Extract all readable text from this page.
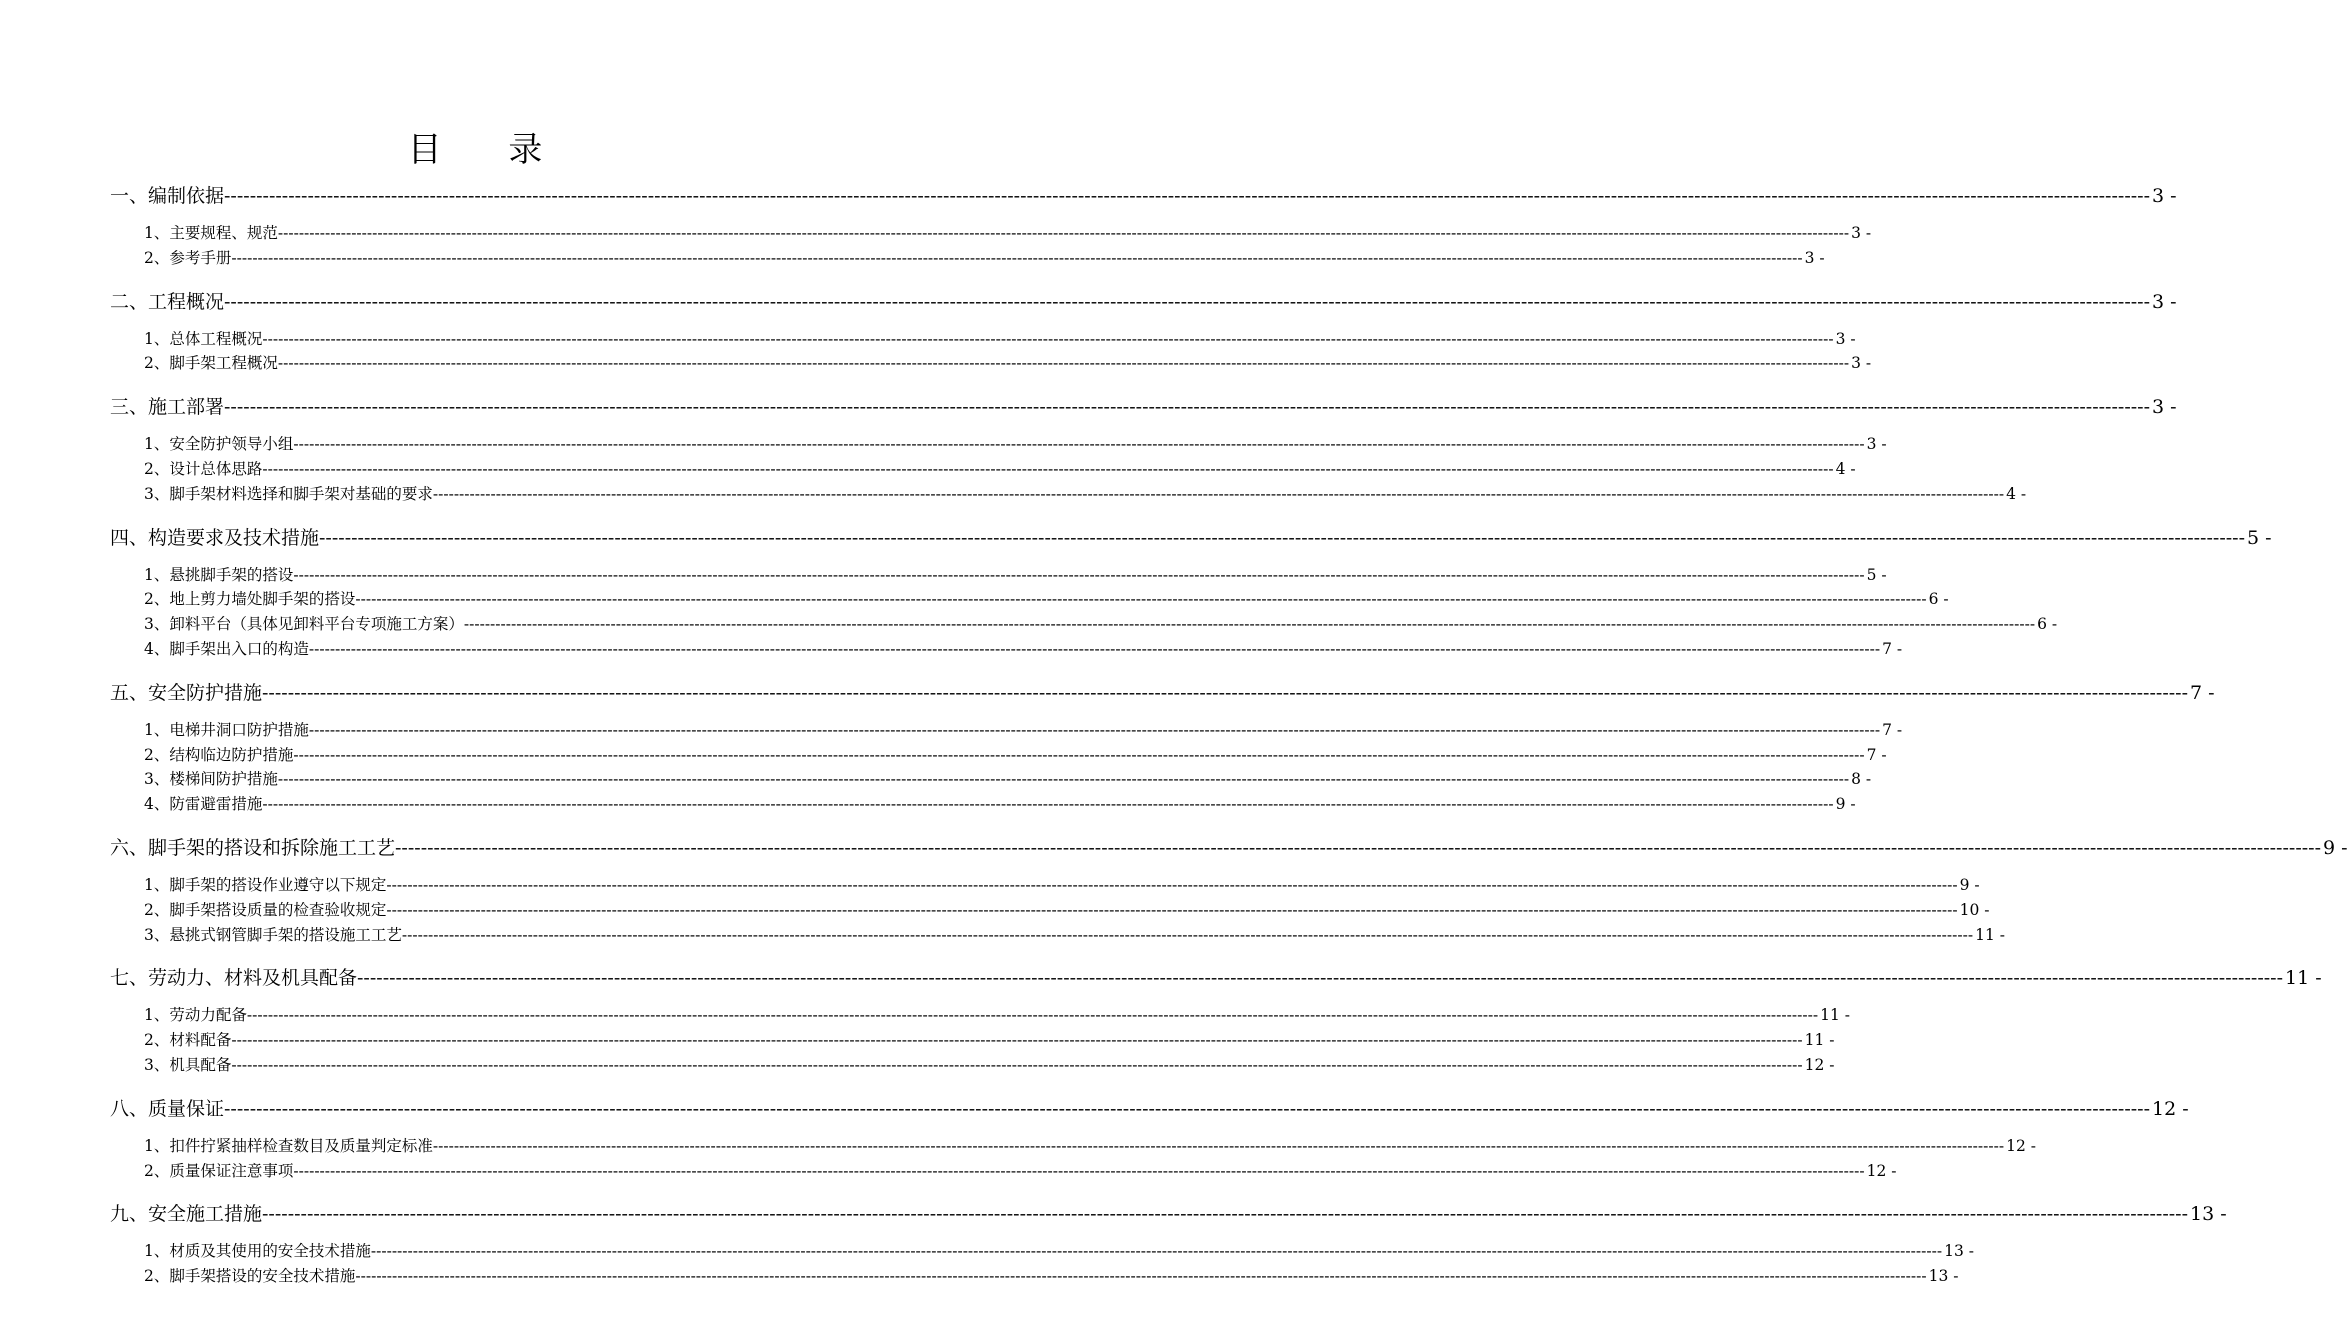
目 录
一、编制依据 ------------------------------------------------------------------------------------------------------------------------------------------------------------------------------------------------------------------------------------------------------------------------------------------------------------ 3 -
1、主要规程、规范 ------------------------------------------------------------------------------------------------------------------------------------------------------------------------------------------------------------------------------------------------------------------------------------------------------------ 3 -
2、参考手册 ------------------------------------------------------------------------------------------------------------------------------------------------------------------------------------------------------------------------------------------------------------------------------------------------------------ 3 -
二、工程概况 ------------------------------------------------------------------------------------------------------------------------------------------------------------------------------------------------------------------------------------------------------------------------------------------------------------ 3 -
1、总体工程概况 ------------------------------------------------------------------------------------------------------------------------------------------------------------------------------------------------------------------------------------------------------------------------------------------------------------ 3 -
2、脚手架工程概况 ------------------------------------------------------------------------------------------------------------------------------------------------------------------------------------------------------------------------------------------------------------------------------------------------------------ 3 -
三、施工部署 ------------------------------------------------------------------------------------------------------------------------------------------------------------------------------------------------------------------------------------------------------------------------------------------------------------ 3 -
1、安全防护领导小组 ------------------------------------------------------------------------------------------------------------------------------------------------------------------------------------------------------------------------------------------------------------------------------------------------------------ 3 -
2、设计总体思路 ------------------------------------------------------------------------------------------------------------------------------------------------------------------------------------------------------------------------------------------------------------------------------------------------------------ 4 -
3、脚手架材料选择和脚手架对基础的要求 ------------------------------------------------------------------------------------------------------------------------------------------------------------------------------------------------------------------------------------------------------------------------------------------------------------ 4 -
四、构造要求及技术措施 ------------------------------------------------------------------------------------------------------------------------------------------------------------------------------------------------------------------------------------------------------------------------------------------------------------ 5 -
1、悬挑脚手架的搭设 ------------------------------------------------------------------------------------------------------------------------------------------------------------------------------------------------------------------------------------------------------------------------------------------------------------ 5 -
2、地上剪力墙处脚手架的搭设 ------------------------------------------------------------------------------------------------------------------------------------------------------------------------------------------------------------------------------------------------------------------------------------------------------------ 6 -
3、卸料平台（具体见卸料平台专项施工方案） ------------------------------------------------------------------------------------------------------------------------------------------------------------------------------------------------------------------------------------------------------------------------------------------------------------ 6 -
4、脚手架出入口的构造 ------------------------------------------------------------------------------------------------------------------------------------------------------------------------------------------------------------------------------------------------------------------------------------------------------------ 7 -
五、安全防护措施 ------------------------------------------------------------------------------------------------------------------------------------------------------------------------------------------------------------------------------------------------------------------------------------------------------------ 7 -
1、电梯井洞口防护措施 ------------------------------------------------------------------------------------------------------------------------------------------------------------------------------------------------------------------------------------------------------------------------------------------------------------ 7 -
2、结构临边防护措施 ------------------------------------------------------------------------------------------------------------------------------------------------------------------------------------------------------------------------------------------------------------------------------------------------------------ 7 -
3、楼梯间防护措施 ------------------------------------------------------------------------------------------------------------------------------------------------------------------------------------------------------------------------------------------------------------------------------------------------------------ 8 -
4、防雷避雷措施 ------------------------------------------------------------------------------------------------------------------------------------------------------------------------------------------------------------------------------------------------------------------------------------------------------------ 9 -
六、脚手架的搭设和拆除施工工艺 ------------------------------------------------------------------------------------------------------------------------------------------------------------------------------------------------------------------------------------------------------------------------------------------------------------ 9 -
1、脚手架的搭设作业遵守以下规定 ------------------------------------------------------------------------------------------------------------------------------------------------------------------------------------------------------------------------------------------------------------------------------------------------------------ 9 -
2、脚手架搭设质量的检查验收规定 ------------------------------------------------------------------------------------------------------------------------------------------------------------------------------------------------------------------------------------------------------------------------------------------------------------ 10 -
3、悬挑式钢管脚手架的搭设施工工艺 ------------------------------------------------------------------------------------------------------------------------------------------------------------------------------------------------------------------------------------------------------------------------------------------------------------ 11 -
七、劳动力、材料及机具配备 ------------------------------------------------------------------------------------------------------------------------------------------------------------------------------------------------------------------------------------------------------------------------------------------------------------ 11 -
1、劳动力配备 ------------------------------------------------------------------------------------------------------------------------------------------------------------------------------------------------------------------------------------------------------------------------------------------------------------ 11 -
2、材料配备 ------------------------------------------------------------------------------------------------------------------------------------------------------------------------------------------------------------------------------------------------------------------------------------------------------------ 11 -
3、机具配备 ------------------------------------------------------------------------------------------------------------------------------------------------------------------------------------------------------------------------------------------------------------------------------------------------------------ 12 -
八、质量保证 ------------------------------------------------------------------------------------------------------------------------------------------------------------------------------------------------------------------------------------------------------------------------------------------------------------ 12 -
1、扣件拧紧抽样检查数目及质量判定标准 ------------------------------------------------------------------------------------------------------------------------------------------------------------------------------------------------------------------------------------------------------------------------------------------------------------ 12 -
2、质量保证注意事项 ------------------------------------------------------------------------------------------------------------------------------------------------------------------------------------------------------------------------------------------------------------------------------------------------------------ 12 -
九、安全施工措施 ------------------------------------------------------------------------------------------------------------------------------------------------------------------------------------------------------------------------------------------------------------------------------------------------------------ 13 -
1、材质及其使用的安全技术措施 ------------------------------------------------------------------------------------------------------------------------------------------------------------------------------------------------------------------------------------------------------------------------------------------------------------ 13 -
2、脚手架搭设的安全技术措施 ------------------------------------------------------------------------------------------------------------------------------------------------------------------------------------------------------------------------------------------------------------------------------------------------------------ 13 -
